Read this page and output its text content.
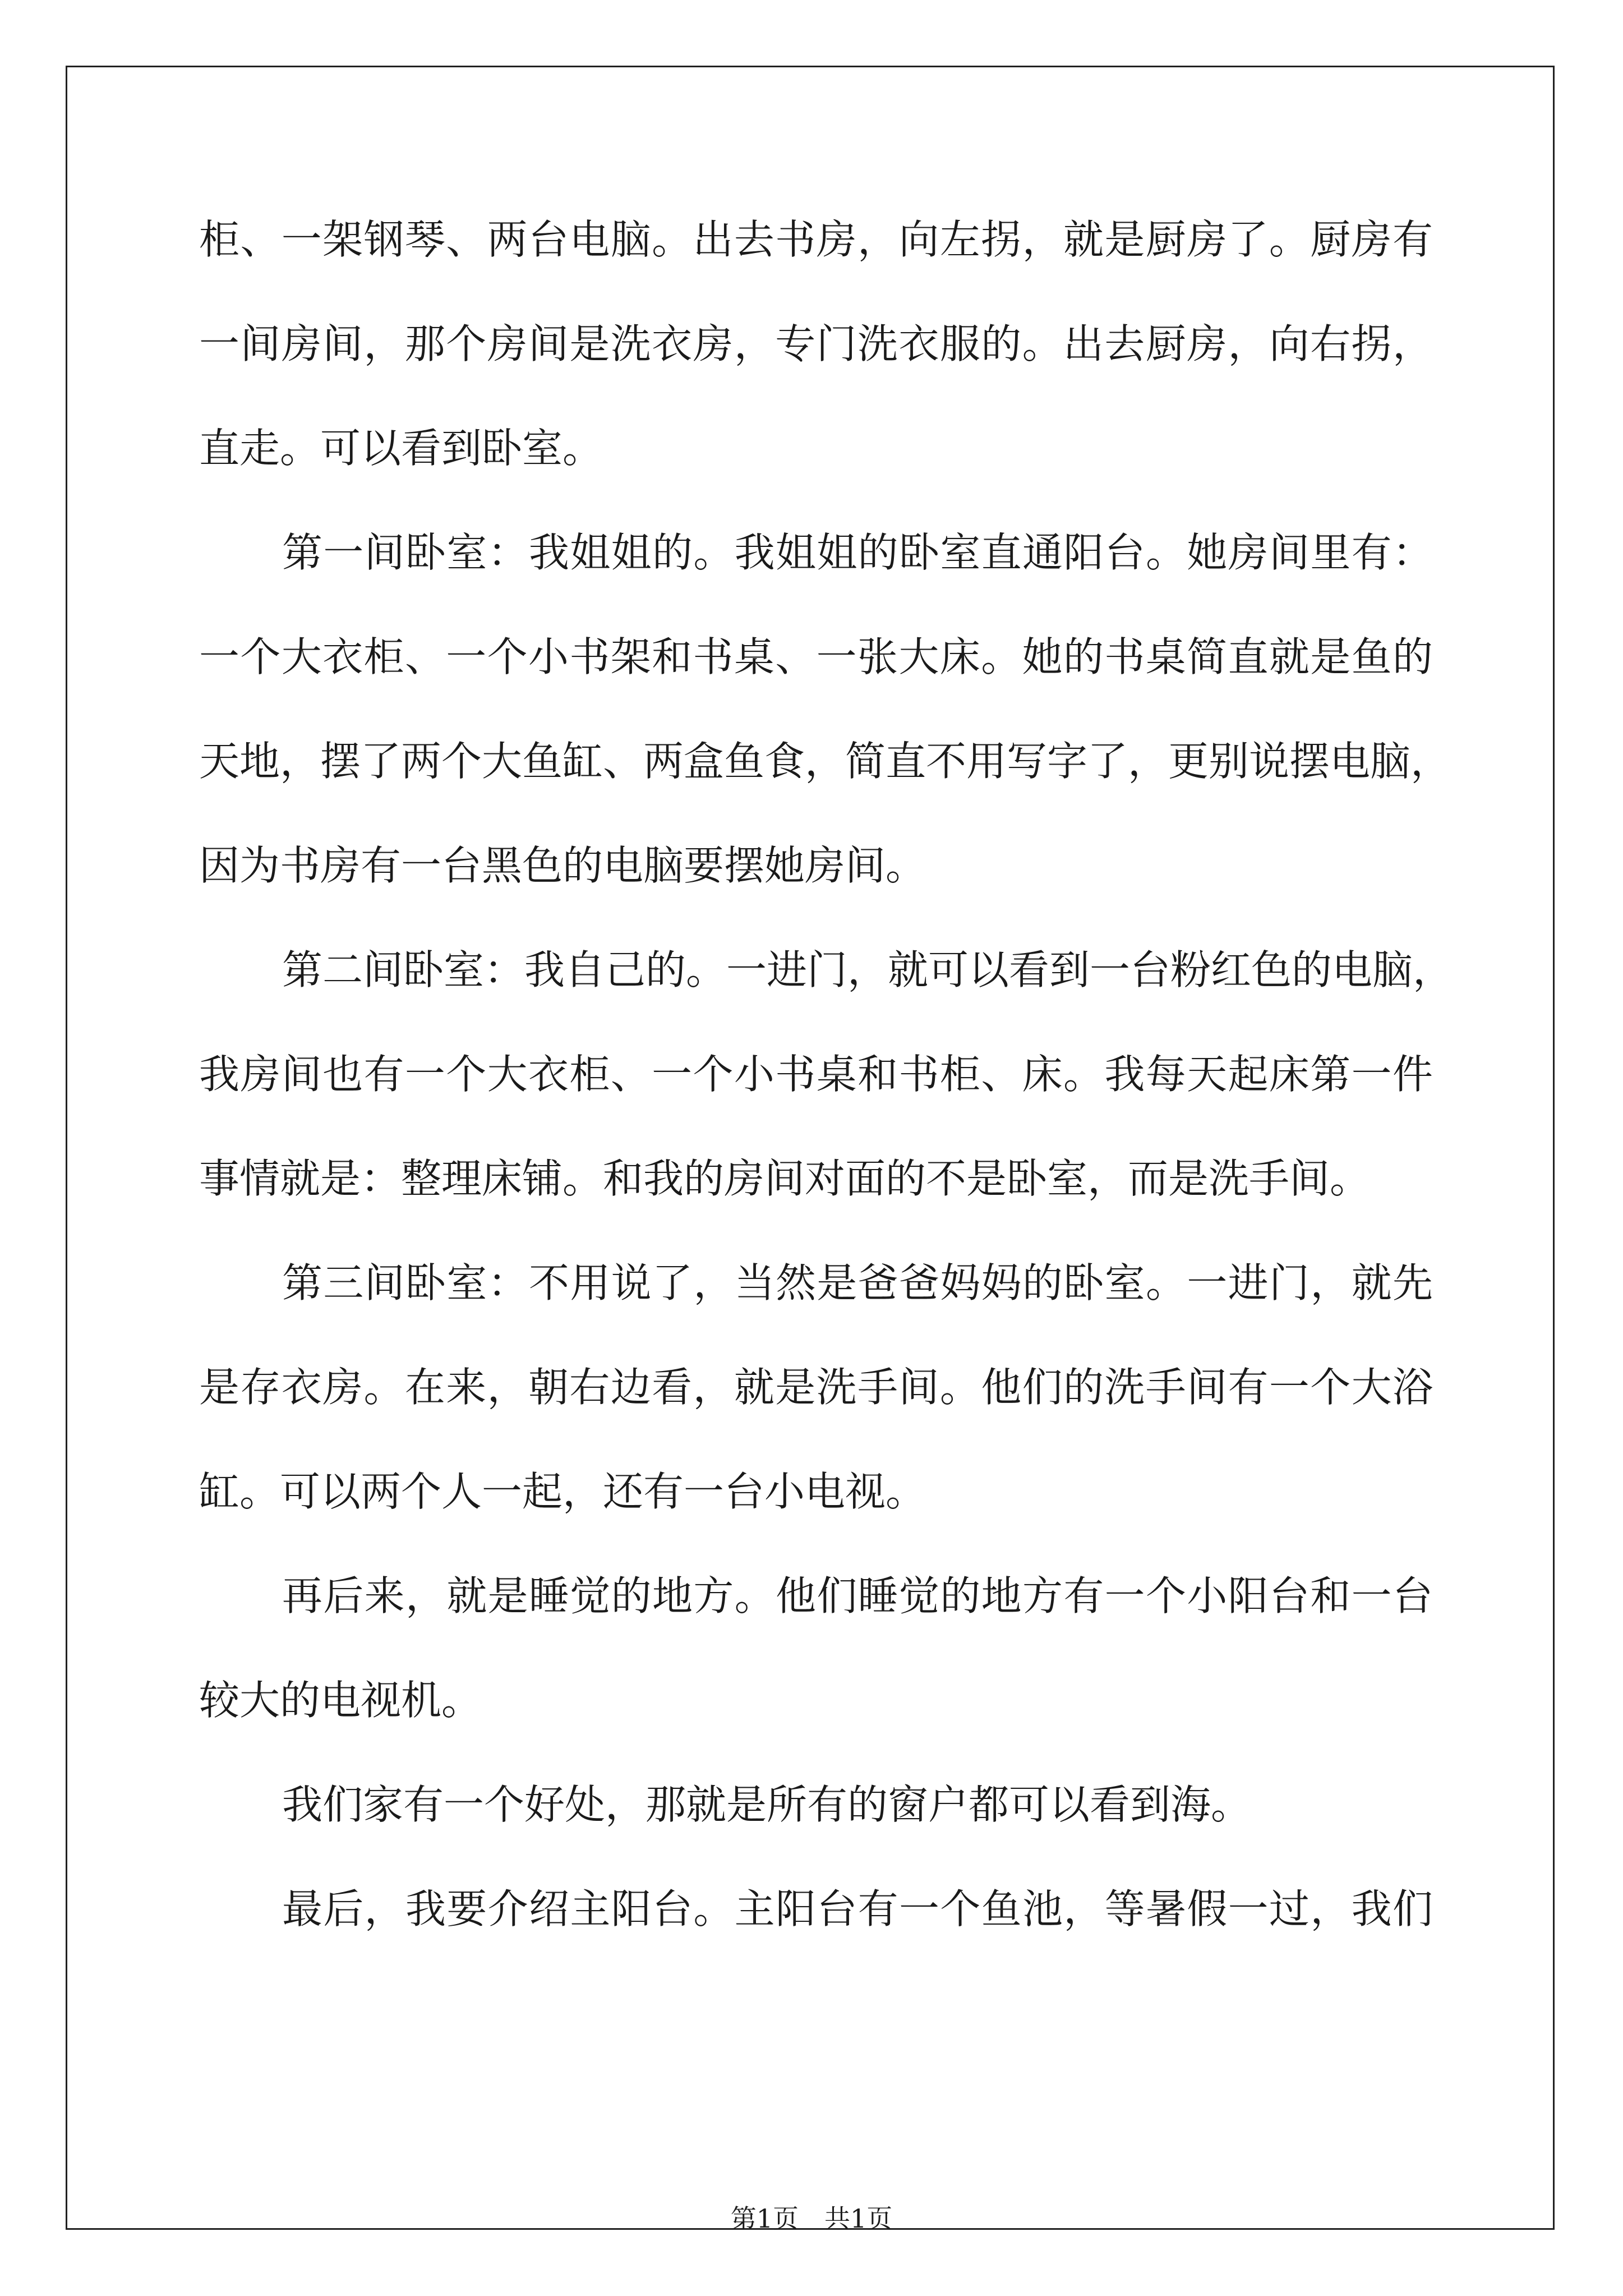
柜、一架钢琴、两台电脑。出去书房，向左拐，就是厨房了。厨房有
一间房间，那个房间是洗衣房，专门洗衣服的。出去厨房，向右拐，
直走。可以看到卧室。
第一间卧室：我姐姐的。我姐姐的卧室直通阳台。她房间里有：
一个大衣柜、一个小书架和书桌、一张大床。她的书桌简直就是鱼的
天地，摆了两个大鱼缸、两盒鱼食，简直不用写字了，更别说摆电脑，
因为书房有一台黑色的电脑要摆她房间。
第二间卧室：我自己的。一进门，就可以看到一台粉红色的电脑，
我房间也有一个大衣柜、一个小书桌和书柜、床。我每天起床第一件
事情就是：整理床铺。和我的房间对面的不是卧室，而是洗手间。
第三间卧室：不用说了，当然是爸爸妈妈的卧室。一进门，就先
是存衣房。在来，朝右边看，就是洗手间。他们的洗手间有一个大浴
缸。可以两个人一起，还有一台小电视。
再后来，就是睡觉的地方。他们睡觉的地方有一个小阳台和一台
较大的电视机。
我们家有一个好处，那就是所有的窗户都可以看到海。
最后，我要介绍主阳台。主阳台有一个鱼池，等暑假一过，我们
第1页 共1页
